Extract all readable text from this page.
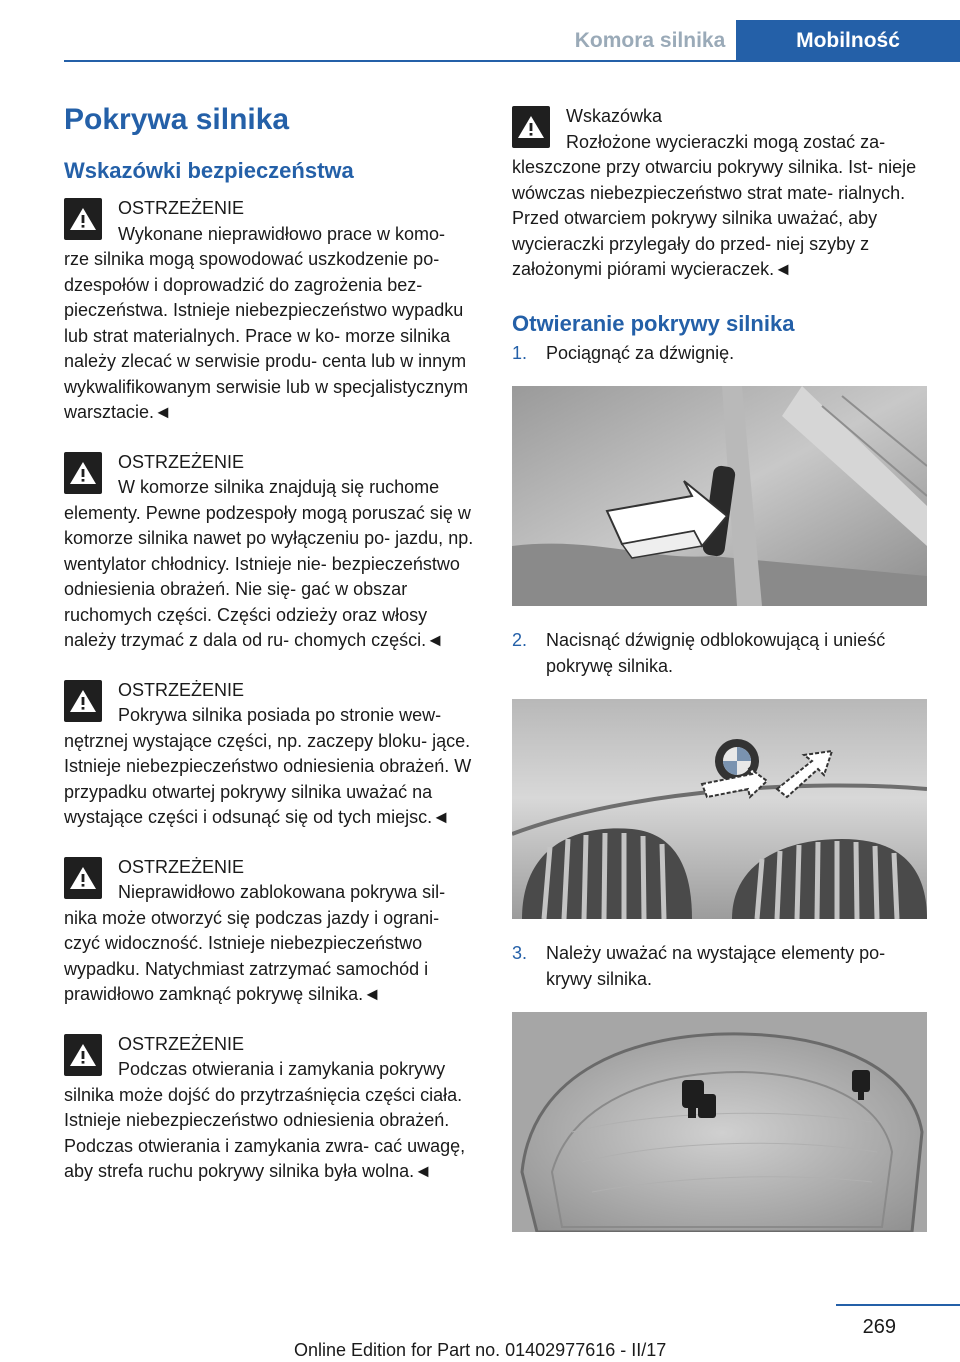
Komora silnika	Mobilność
Pokrywa silnika
Wskazówki bezpieczeństwa
OSTRZEŻENIE
Wykonane nieprawidłowo prace w komo‐
rze silnika mogą spowodować uszkodzenie po‐ dzespołów i doprowadzić do zagrożenia bez‐ pieczeństwa. Istnieje niebezpieczeństwo wypadku lub strat materialnych. Prace w ko‐ morze silnika należy zlecać w serwisie produ‐ centa lub w innym wykwalifikowanym serwisie lub w specjalistycznym warsztacie.◄
OSTRZEŻENIE
W komorze silnika znajdują się ruchome
elementy. Pewne podzespoły mogą poruszać się w komorze silnika nawet po wyłączeniu po‐ jazdu, np. wentylator chłodnicy. Istnieje nie‐ bezpieczeństwo odniesienia obrażeń. Nie się‐ gać w obszar ruchomych części. Części odzieży oraz włosy należy trzymać z dala od ru‐ chomych części.◄
OSTRZEŻENIE
Pokrywa silnika posiada po stronie wew‐
nętrznej wystające części, np. zaczepy bloku‐ jące. Istnieje niebezpieczeństwo odniesienia obrażeń. W przypadku otwartej pokrywy silnika uważać na wystające części i odsunąć się od tych miejsc.◄
OSTRZEŻENIE
Nieprawidłowo zablokowana pokrywa sil‐
nika może otworzyć się podczas jazdy i ograni‐ czyć widoczność. Istnieje niebezpieczeństwo wypadku. Natychmiast zatrzymać samochód i prawidłowo zamknąć pokrywę silnika.◄
OSTRZEŻENIE
Podczas otwierania i zamykania pokrywy
silnika może dojść do przytrzaśnięcia części ciała. Istnieje niebezpieczeństwo odniesienia obrażeń. Podczas otwierania i zamykania zwra‐ cać uwagę, aby strefa ruchu pokrywy silnika była wolna.◄
Wskazówka
Rozłożone wycieraczki mogą zostać za‐
kleszczone przy otwarciu pokrywy silnika. Ist‐ nieje wówczas niebezpieczeństwo strat mate‐ rialnych. Przed otwarciem pokrywy silnika uważać, aby wycieraczki przylegały do przed‐ niej szyby z założonymi piórami wycieraczek.◄
Otwieranie pokrywy silnika
1. Pociągnąć za dźwignię.
2. Nacisnąć dźwignię odblokowującą i unieść pokrywę silnika.
3. Należy uważać na wystające elementy po‐ krywy silnika.
269
Online Edition for Part no. 01402977616 - II/17
